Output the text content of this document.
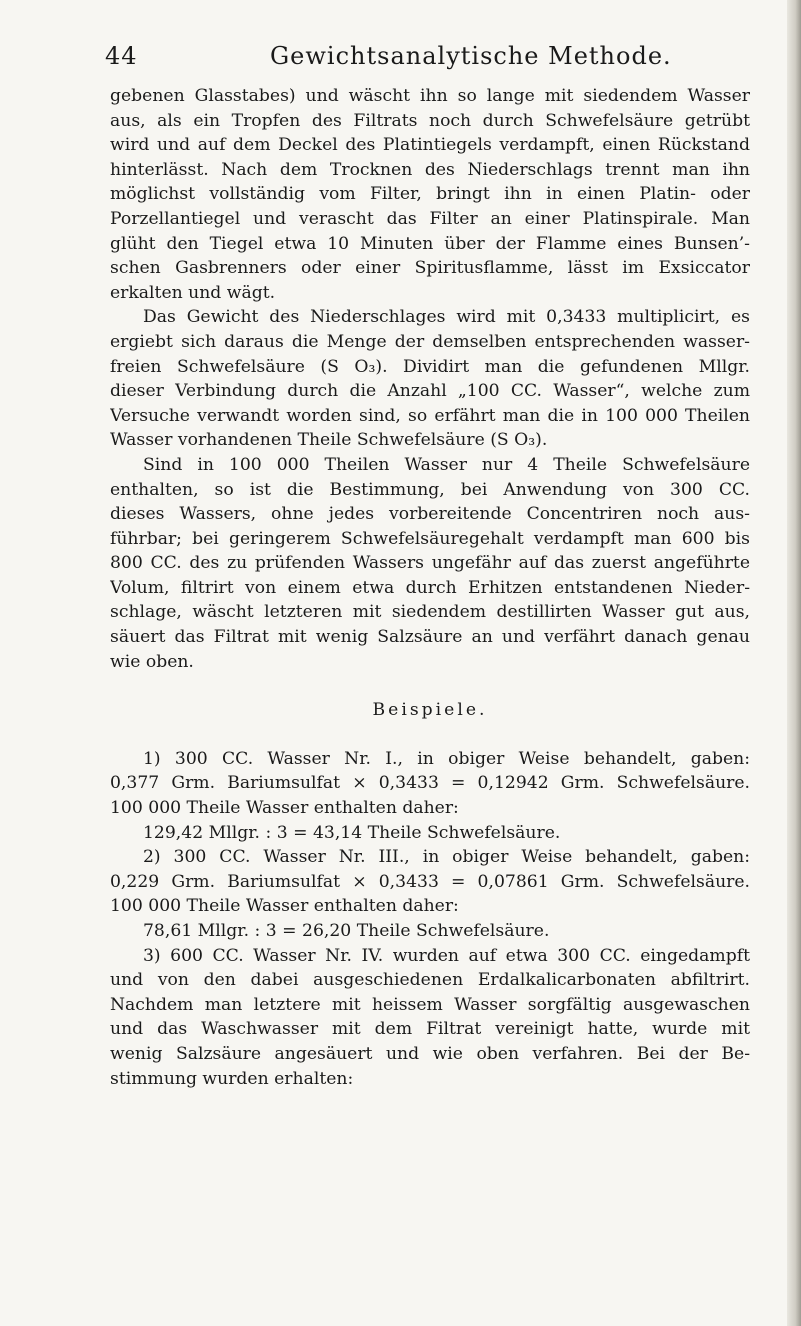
44	Gewichtsanalytische Methode.
gebenen Glasstabes) und wäscht ihn so lange mit siedendem Wasser
aus, als ein Tropfen des Filtrats noch durch Schwefelsäure getrübt
wird und auf dem Deckel des Platintiegels verdampft, einen Rückstand
hinterlässt. Nach dem Trocknen des Niederschlags trennt man ihn
möglichst vollständig vom Filter, bringt ihn in einen Platin- oder
Porzellantiegel und verascht das Filter an einer Platinspirale. Man
glüht den Tiegel etwa 10 Minuten über der Flamme eines Bunsen’-
schen Gasbrenners oder einer Spiritusflamme, lässt im Exsiccator
erkalten und wägt.
Das Gewicht des Niederschlages wird mit 0,3433 multiplicirt, es
ergiebt sich daraus die Menge der demselben entsprechenden wasser-
freien Schwefelsäure (S O₃). Dividirt man die gefundenen Mllgr.
dieser Verbindung durch die Anzahl „100 CC. Wasser“, welche zum
Versuche verwandt worden sind, so erfährt man die in 100 000 Theilen
Wasser vorhandenen Theile Schwefelsäure (S O₃).
Sind in 100 000 Theilen Wasser nur 4 Theile Schwefelsäure
enthalten, so ist die Bestimmung, bei Anwendung von 300 CC.
dieses Wassers, ohne jedes vorbereitende Concentriren noch aus-
führbar; bei geringerem Schwefelsäuregehalt verdampft man 600 bis
800 CC. des zu prüfenden Wassers ungefähr auf das zuerst angeführte
Volum, filtrirt von einem etwa durch Erhitzen entstandenen Nieder-
schlage, wäscht letzteren mit siedendem destillirten Wasser gut aus,
säuert das Filtrat mit wenig Salzsäure an und verfährt danach genau
wie oben.
Beispiele.
1) 300 CC. Wasser Nr. I., in obiger Weise behandelt, gaben:
0,377 Grm. Bariumsulfat × 0,3433 = 0,12942 Grm. Schwefelsäure.
100 000 Theile Wasser enthalten daher:
129,42 Mllgr. : 3 = 43,14 Theile Schwefelsäure.
2) 300 CC. Wasser Nr. III., in obiger Weise behandelt, gaben:
0,229 Grm. Bariumsulfat × 0,3433 = 0,07861 Grm. Schwefelsäure.
100 000 Theile Wasser enthalten daher:
78,61 Mllgr. : 3 = 26,20 Theile Schwefelsäure.
3) 600 CC. Wasser Nr. IV. wurden auf etwa 300 CC. eingedampft
und von den dabei ausgeschiedenen Erdalkalicarbonaten abfiltrirt.
Nachdem man letztere mit heissem Wasser sorgfältig ausgewaschen
und das Waschwasser mit dem Filtrat vereinigt hatte, wurde mit
wenig Salzsäure angesäuert und wie oben verfahren. Bei der Be-
stimmung wurden erhalten:
